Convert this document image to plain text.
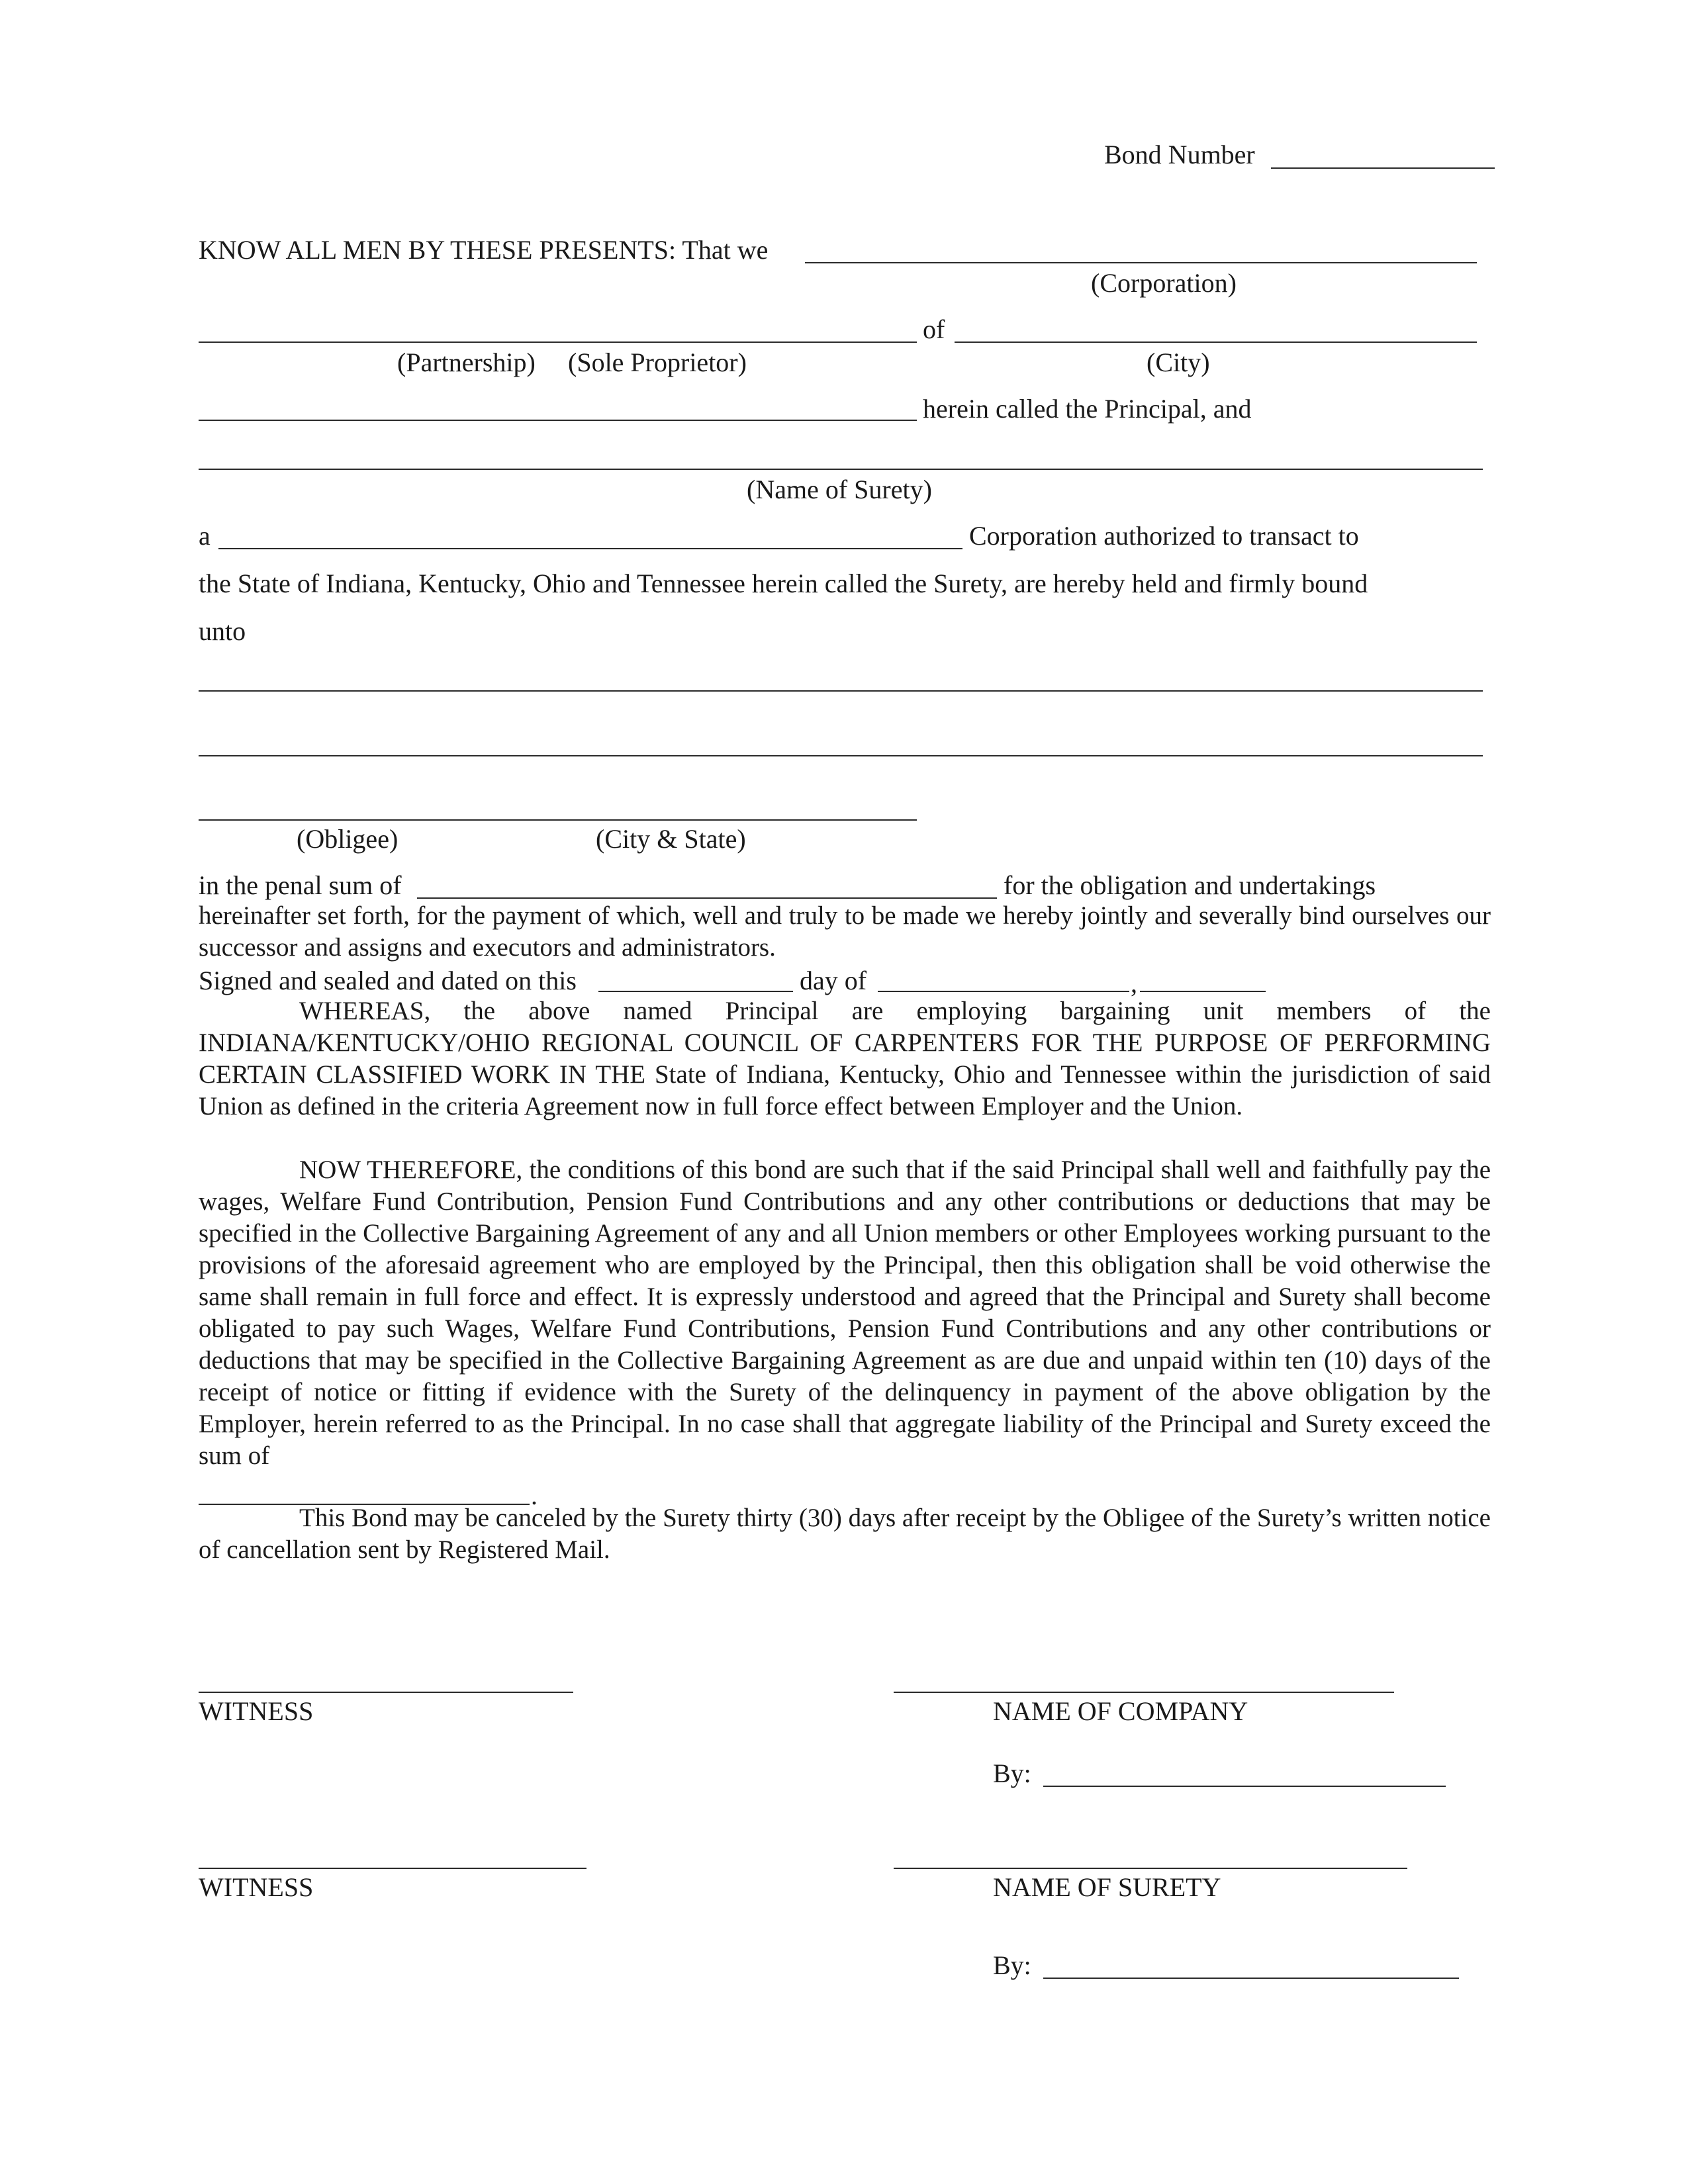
Bond Number
KNOW ALL MEN BY THESE PRESENTS: That we
(Corporation)
of
(Partnership) (Sole Proprietor)	(City)
herein called the Principal, and
(Name of Surety)
a	Corporation authorized to transact to
the State of Indiana, Kentucky, Ohio and Tennessee herein called the Surety, are hereby held and firmly bound
unto
(Obligee)	(City & State)
in the penal sum of	for the obligation and undertakings
hereinafter set forth, for the payment of which, well and truly to be made we hereby jointly and severally bind ourselves our successor and assigns and executors and administrators.
Signed and sealed and dated on this	day of	,
WHEREAS, the above named Principal are employing bargaining unit members of the INDIANA/KENTUCKY/OHIO REGIONAL COUNCIL OF CARPENTERS FOR THE PURPOSE OF PERFORMING CERTAIN CLASSIFIED WORK IN THE State of Indiana, Kentucky, Ohio and Tennessee within the jurisdiction of said Union as defined in the criteria Agreement now in full force effect between Employer and the Union.
NOW THEREFORE, the conditions of this bond are such that if the said Principal shall well and faithfully pay the wages, Welfare Fund Contribution, Pension Fund Contributions and any other contributions or deductions that may be specified in the Collective Bargaining Agreement of any and all Union members or other Employees working pursuant to the provisions of the aforesaid agreement who are employed by the Principal, then this obligation shall be void otherwise the same shall remain in full force and effect. It is expressly understood and agreed that the Principal and Surety shall become obligated to pay such Wages, Welfare Fund Contributions, Pension Fund Contributions and any other contributions or deductions that may be specified in the Collective Bargaining Agreement as are due and unpaid within ten (10) days of the receipt of notice or fitting if evidence with the Surety of the delinquency in payment of the above obligation by the Employer, herein referred to as the Principal. In no case shall that aggregate liability of the Principal and Surety exceed the sum of
.
This Bond may be canceled by the Surety thirty (30) days after receipt by the Obligee of the Surety’s written notice of cancellation sent by Registered Mail.
WITNESS	NAME OF COMPANY
By:
WITNESS	NAME OF SURETY
By:
